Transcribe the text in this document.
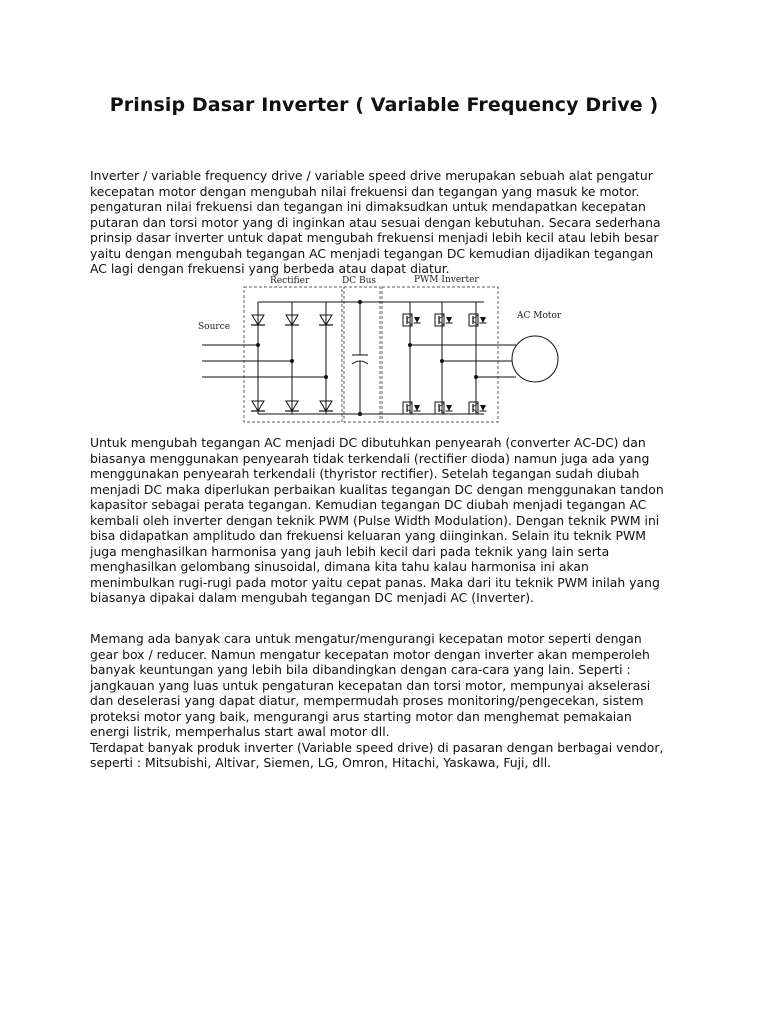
Prinsip Dasar Inverter ( Variable Frequency Drive )

Inverter / variable frequency drive / variable speed drive merupakan sebuah alat pengatur
kecepatan motor dengan mengubah nilai frekuensi dan tegangan yang masuk ke motor.
pengaturan nilai frekuensi dan tegangan ini dimaksudkan untuk mendapatkan kecepatan
putaran dan torsi motor yang di inginkan atau sesuai dengan kebutuhan. Secara sederhana
prinsip dasar inverter untuk dapat mengubah frekuensi menjadi lebih kecil atau lebih besar
yaitu dengan mengubah tegangan AC menjadi tegangan DC kemudian dijadikan tegangan
AC lagi dengan frekuensi yang berbeda atau dapat diatur.

Rectifier	DC Bus	PWM Inverter
Source
AC Motor

Untuk mengubah tegangan AC menjadi DC dibutuhkan penyearah (converter AC-DC) dan
biasanya menggunakan penyearah tidak terkendali (rectifier dioda) namun juga ada yang
menggunakan penyearah terkendali (thyristor rectifier). Setelah tegangan sudah diubah
menjadi DC maka diperlukan perbaikan kualitas tegangan DC dengan menggunakan tandon
kapasitor sebagai perata tegangan. Kemudian tegangan DC diubah menjadi tegangan AC
kembali oleh inverter dengan teknik PWM (Pulse Width Modulation). Dengan teknik PWM ini
bisa didapatkan amplitudo dan frekuensi keluaran yang diinginkan. Selain itu teknik PWM
juga menghasilkan harmonisa yang jauh lebih kecil dari pada teknik yang lain serta
menghasilkan gelombang sinusoidal, dimana kita tahu kalau harmonisa ini akan
menimbulkan rugi-rugi pada motor yaitu cepat panas. Maka dari itu teknik PWM inilah yang
biasanya dipakai dalam mengubah tegangan DC menjadi AC (Inverter).

Memang ada banyak cara untuk mengatur/mengurangi kecepatan motor seperti dengan
gear box / reducer. Namun mengatur kecepatan motor dengan inverter akan memperoleh
banyak keuntungan yang lebih bila dibandingkan dengan cara-cara yang lain. Seperti :
jangkauan yang luas untuk pengaturan kecepatan dan torsi motor, mempunyai akselerasi
dan deselerasi yang dapat diatur, mempermudah proses monitoring/pengecekan, sistem
proteksi motor yang baik, mengurangi arus starting motor dan menghemat pemakaian
energi listrik, memperhalus start awal motor dll.
Terdapat banyak produk inverter (Variable speed drive) di pasaran dengan berbagai vendor,
seperti : Mitsubishi, Altivar, Siemen, LG, Omron, Hitachi, Yaskawa, Fuji, dll.
